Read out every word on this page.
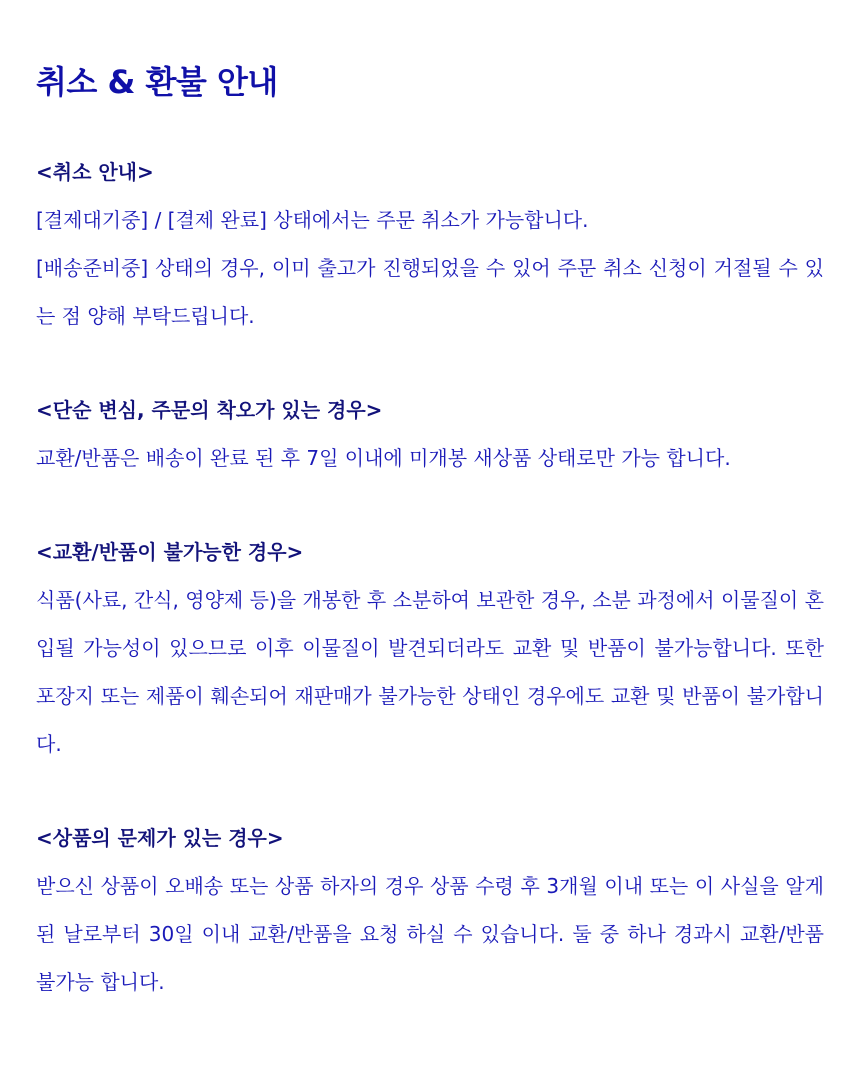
취소 & 환불 안내

<취소 안내>

[결제대기중] / [결제 완료] 상태에서는 주문 취소가 가능합니다.

[배송준비중] 상태의 경우, 이미 출고가 진행되었을 수 있어 주문 취소 신청이 거절될 수 있는 점 양해 부탁드립니다.

<단순 변심, 주문의 착오가 있는 경우>

교환/반품은 배송이 완료 된 후 7일 이내에 미개봉 새상품 상태로만 가능 합니다.

<교환/반품이 불가능한 경우>

식품(사료, 간식, 영양제 등)을 개봉한 후 소분하여 보관한 경우, 소분 과정에서 이물질이 혼입될 가능성이 있으므로 이후 이물질이 발견되더라도 교환 및 반품이 불가능합니다. 또한 포장지 또는 제품이 훼손되어 재판매가 불가능한 상태인 경우에도 교환 및 반품이 불가합니다.

<상품의 문제가 있는 경우>

받으신 상품이 오배송 또는 상품 하자의 경우 상품 수령 후 3개월 이내 또는 이 사실을 알게된 날로부터 30일 이내 교환/반품을 요청 하실 수 있습니다. 둘 중 하나 경과시 교환/반품 불가능 합니다.
